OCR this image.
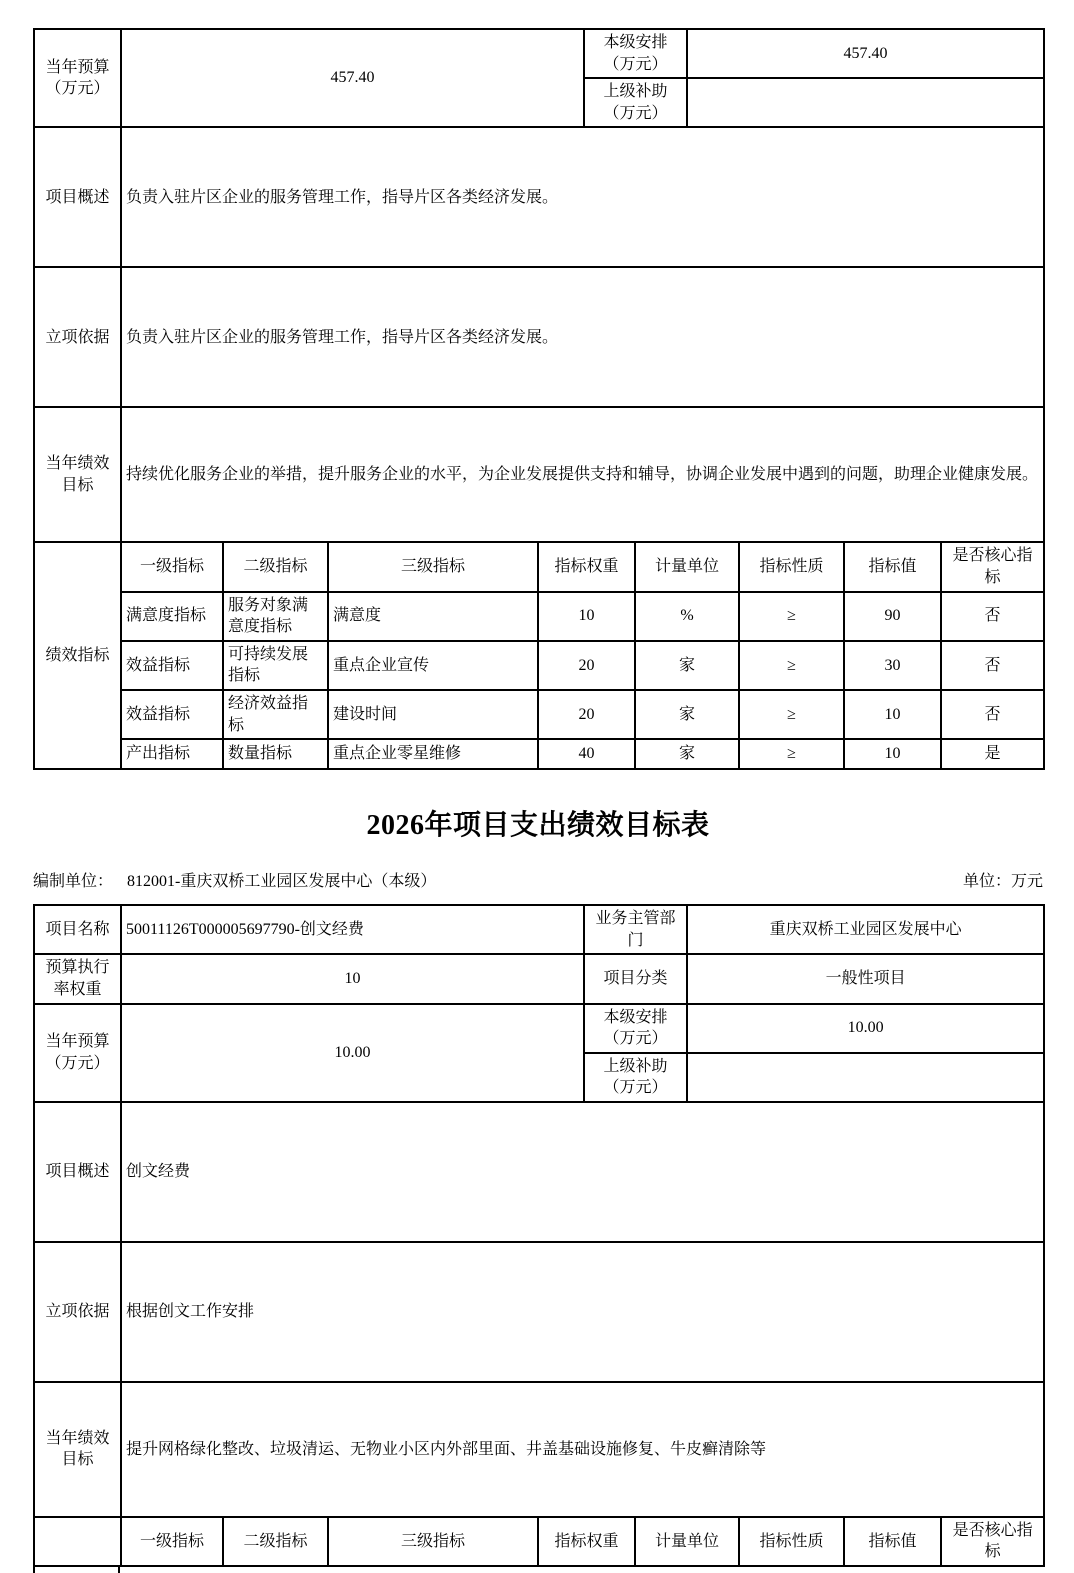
当年预算（万元）	457.40				本级安排（万元）		457.40			
					上级补助（万元）					
项目概述	负责入驻片区企业的服务管理工作，指导片区各类经济发展。									
立项依据	负责入驻片区企业的服务管理工作，指导片区各类经济发展。									
当年绩效目标	持续优化服务企业的举措，提升服务企业的水平，为企业发展提供支持和辅导，协调企业发展中遇到的问题，助理企业健康发展。									
绩效指标	一级指标	二级指标	三级指标	指标权重		计量单位		指标性质	指标值	是否核心指标
	满意度指标	服务对象满意度指标	满意度	10		%		≥	90	否
	效益指标	可持续发展指标	重点企业宣传	20		家		≥	30	否
	效益指标	经济效益指标	建设时间	20		家		≥	10	否
	产出指标	数量指标	重点企业零星维修	40		家		≥	10	是
2026年项目支出绩效目标表
编制单位： 812001-重庆双桥工业园区发展中心（本级）	单位：万元
项目名称	50011126T000005697790-创文经费				业务主管部门		重庆双桥工业园区发展中心			
预算执行率权重	10				项目分类		一般性项目			
当年预算（万元）	10.00				本级安排（万元）		10.00			
					上级补助（万元）					
项目概述	创文经费									
立项依据	根据创文工作安排									
当年绩效目标	提升网格绿化整改、垃圾清运、无物业小区内外部里面、井盖基础设施修复、牛皮癣清除等									
	一级指标	二级指标	三级指标	指标权重		计量单位		指标性质	指标值	是否核心指标
